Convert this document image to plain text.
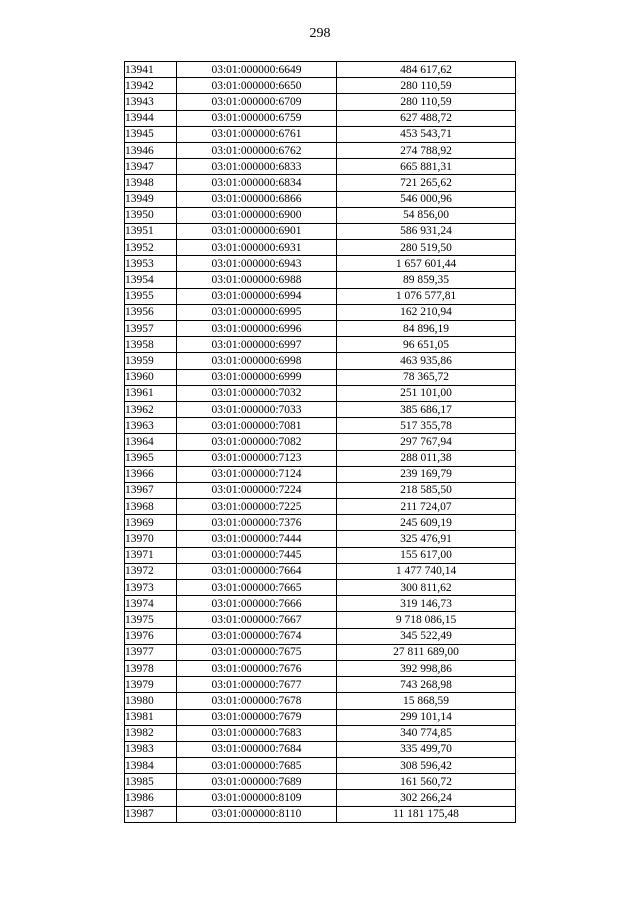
298
13941	03:01:000000:6649	484 617,62
13942	03:01:000000:6650	280 110,59
13943	03:01:000000:6709	280 110,59
13944	03:01:000000:6759	627 488,72
13945	03:01:000000:6761	453 543,71
13946	03:01:000000:6762	274 788,92
13947	03:01:000000:6833	665 881,31
13948	03:01:000000:6834	721 265,62
13949	03:01:000000:6866	546 000,96
13950	03:01:000000:6900	54 856,00
13951	03:01:000000:6901	586 931,24
13952	03:01:000000:6931	280 519,50
13953	03:01:000000:6943	1 657 601,44
13954	03:01:000000:6988	89 859,35
13955	03:01:000000:6994	1 076 577,81
13956	03:01:000000:6995	162 210,94
13957	03:01:000000:6996	84 896,19
13958	03:01:000000:6997	96 651,05
13959	03:01:000000:6998	463 935,86
13960	03:01:000000:6999	78 365,72
13961	03:01:000000:7032	251 101,00
13962	03:01:000000:7033	385 686,17
13963	03:01:000000:7081	517 355,78
13964	03:01:000000:7082	297 767,94
13965	03:01:000000:7123	288 011,38
13966	03:01:000000:7124	239 169,79
13967	03:01:000000:7224	218 585,50
13968	03:01:000000:7225	211 724,07
13969	03:01:000000:7376	245 609,19
13970	03:01:000000:7444	325 476,91
13971	03:01:000000:7445	155 617,00
13972	03:01:000000:7664	1 477 740,14
13973	03:01:000000:7665	300 811,62
13974	03:01:000000:7666	319 146,73
13975	03:01:000000:7667	9 718 086,15
13976	03:01:000000:7674	345 522,49
13977	03:01:000000:7675	27 811 689,00
13978	03:01:000000:7676	392 998,86
13979	03:01:000000:7677	743 268,98
13980	03:01:000000:7678	15 868,59
13981	03:01:000000:7679	299 101,14
13982	03:01:000000:7683	340 774,85
13983	03:01:000000:7684	335 499,70
13984	03:01:000000:7685	308 596,42
13985	03:01:000000:7689	161 560,72
13986	03:01:000000:8109	302 266,24
13987	03:01:000000:8110	11 181 175,48
